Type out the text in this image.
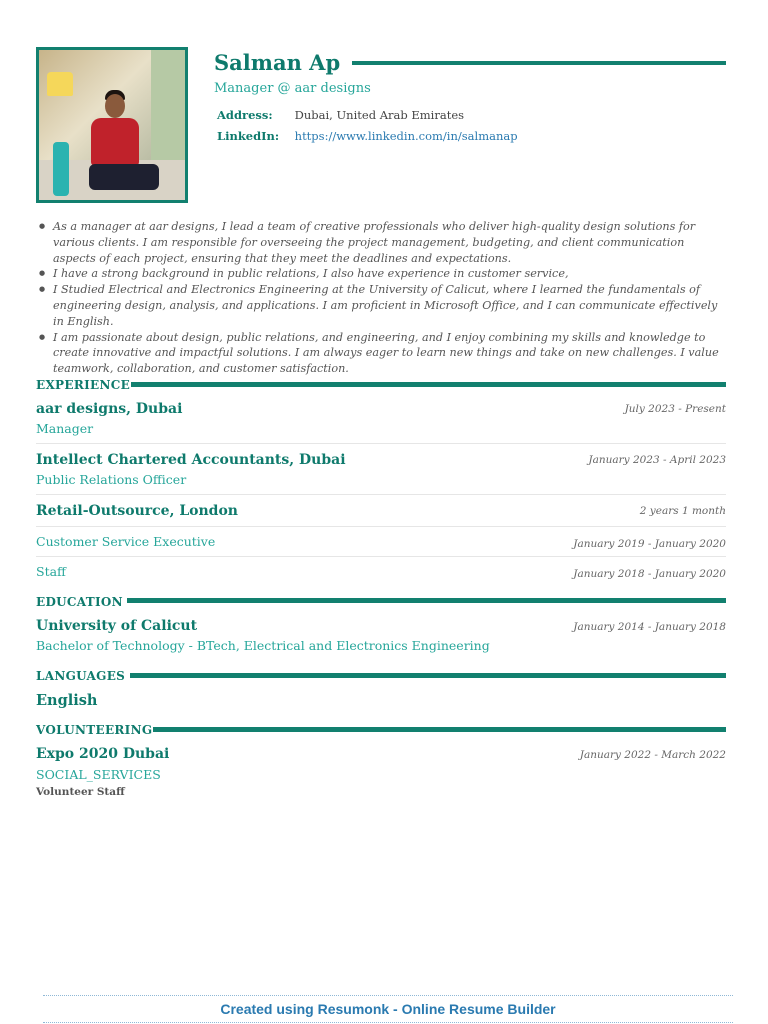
Salman Ap
Manager @ aar designs
Address: Dubai, United Arab Emirates
LinkedIn: https://www.linkedin.com/in/salmanap
● As a manager at aar designs, I lead a team of creative professionals who deliver high-quality design solutions for various clients. I am responsible for overseeing the project management, budgeting, and client communication aspects of each project, ensuring that they meet the deadlines and expectations.
● I have a strong background in public relations, I also have experience in customer service,
● I Studied Electrical and Electronics Engineering at the University of Calicut, where I learned the fundamentals of engineering design, analysis, and applications. I am proficient in Microsoft Office, and I can communicate effectively in English.
● I am passionate about design, public relations, and engineering, and I enjoy combining my skills and knowledge to create innovative and impactful solutions. I am always eager to learn new things and take on new challenges. I value teamwork, collaboration, and customer satisfaction.
EXPERIENCE
aar designs, Dubai	July 2023 - Present
Manager
Intellect Chartered Accountants, Dubai	January 2023 - April 2023
Public Relations Officer
Retail-Outsource, London	2 years 1 month
Customer Service Executive	January 2019 - January 2020
Staff	January 2018 - January 2020
EDUCATION
University of Calicut	January 2014 - January 2018
Bachelor of Technology - BTech, Electrical and Electronics Engineering
LANGUAGES
English
VOLUNTEERING
Expo 2020 Dubai	January 2022 - March 2022
SOCIAL_SERVICES
Volunteer Staff
Created using Resumonk - Online Resume Builder
